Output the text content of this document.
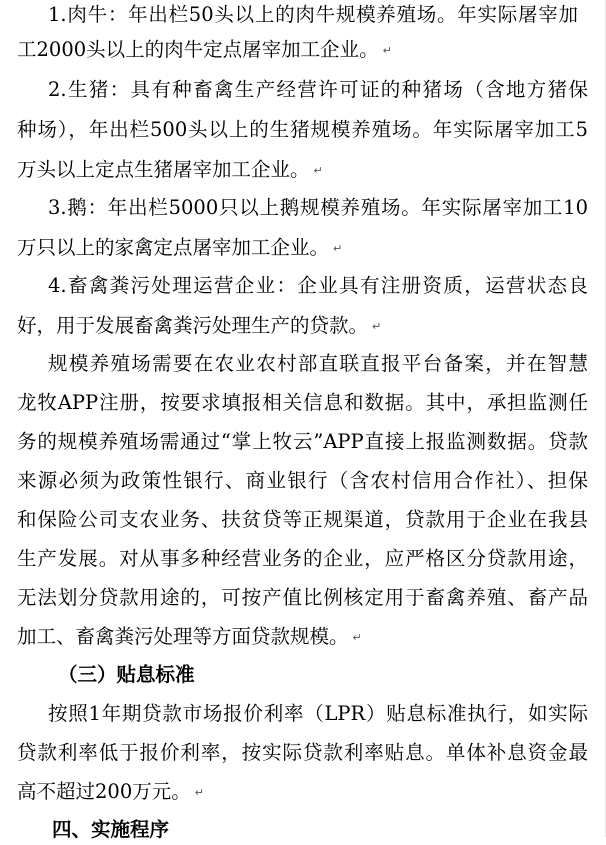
1.肉牛：年出栏50头以上的肉牛规模养殖场。年实际屠宰加
工2000头以上的肉牛定点屠宰加工企业。 ↵
2.生猪：具有种畜禽生产经营许可证的种猪场（含地方猪保
种场），年出栏500头以上的生猪规模养殖场。年实际屠宰加工5
万头以上定点生猪屠宰加工企业。 ↵
3.鹅：年出栏5000只以上鹅规模养殖场。年实际屠宰加工10
万只以上的家禽定点屠宰加工企业。 ↵
4.畜禽粪污处理运营企业：企业具有注册资质，运营状态良
好，用于发展畜禽粪污处理生产的贷款。 ↵
规模养殖场需要在农业农村部直联直报平台备案，并在智慧
龙牧APP注册，按要求填报相关信息和数据。其中，承担监测任
务的规模养殖场需通过“掌上牧云”APP直接上报监测数据。贷款
来源必须为政策性银行、商业银行（含农村信用合作社）、担保
和保险公司支农业务、扶贫贷等正规渠道，贷款用于企业在我县
生产发展。对从事多种经营业务的企业，应严格区分贷款用途，
无法划分贷款用途的，可按产值比例核定用于畜禽养殖、畜产品
加工、畜禽粪污处理等方面贷款规模。 ↵
（三）贴息标准
按照1年期贷款市场报价利率（LPR）贴息标准执行，如实际
贷款利率低于报价利率，按实际贷款利率贴息。单体补息资金最
高不超过200万元。 ↵
四、实施程序
